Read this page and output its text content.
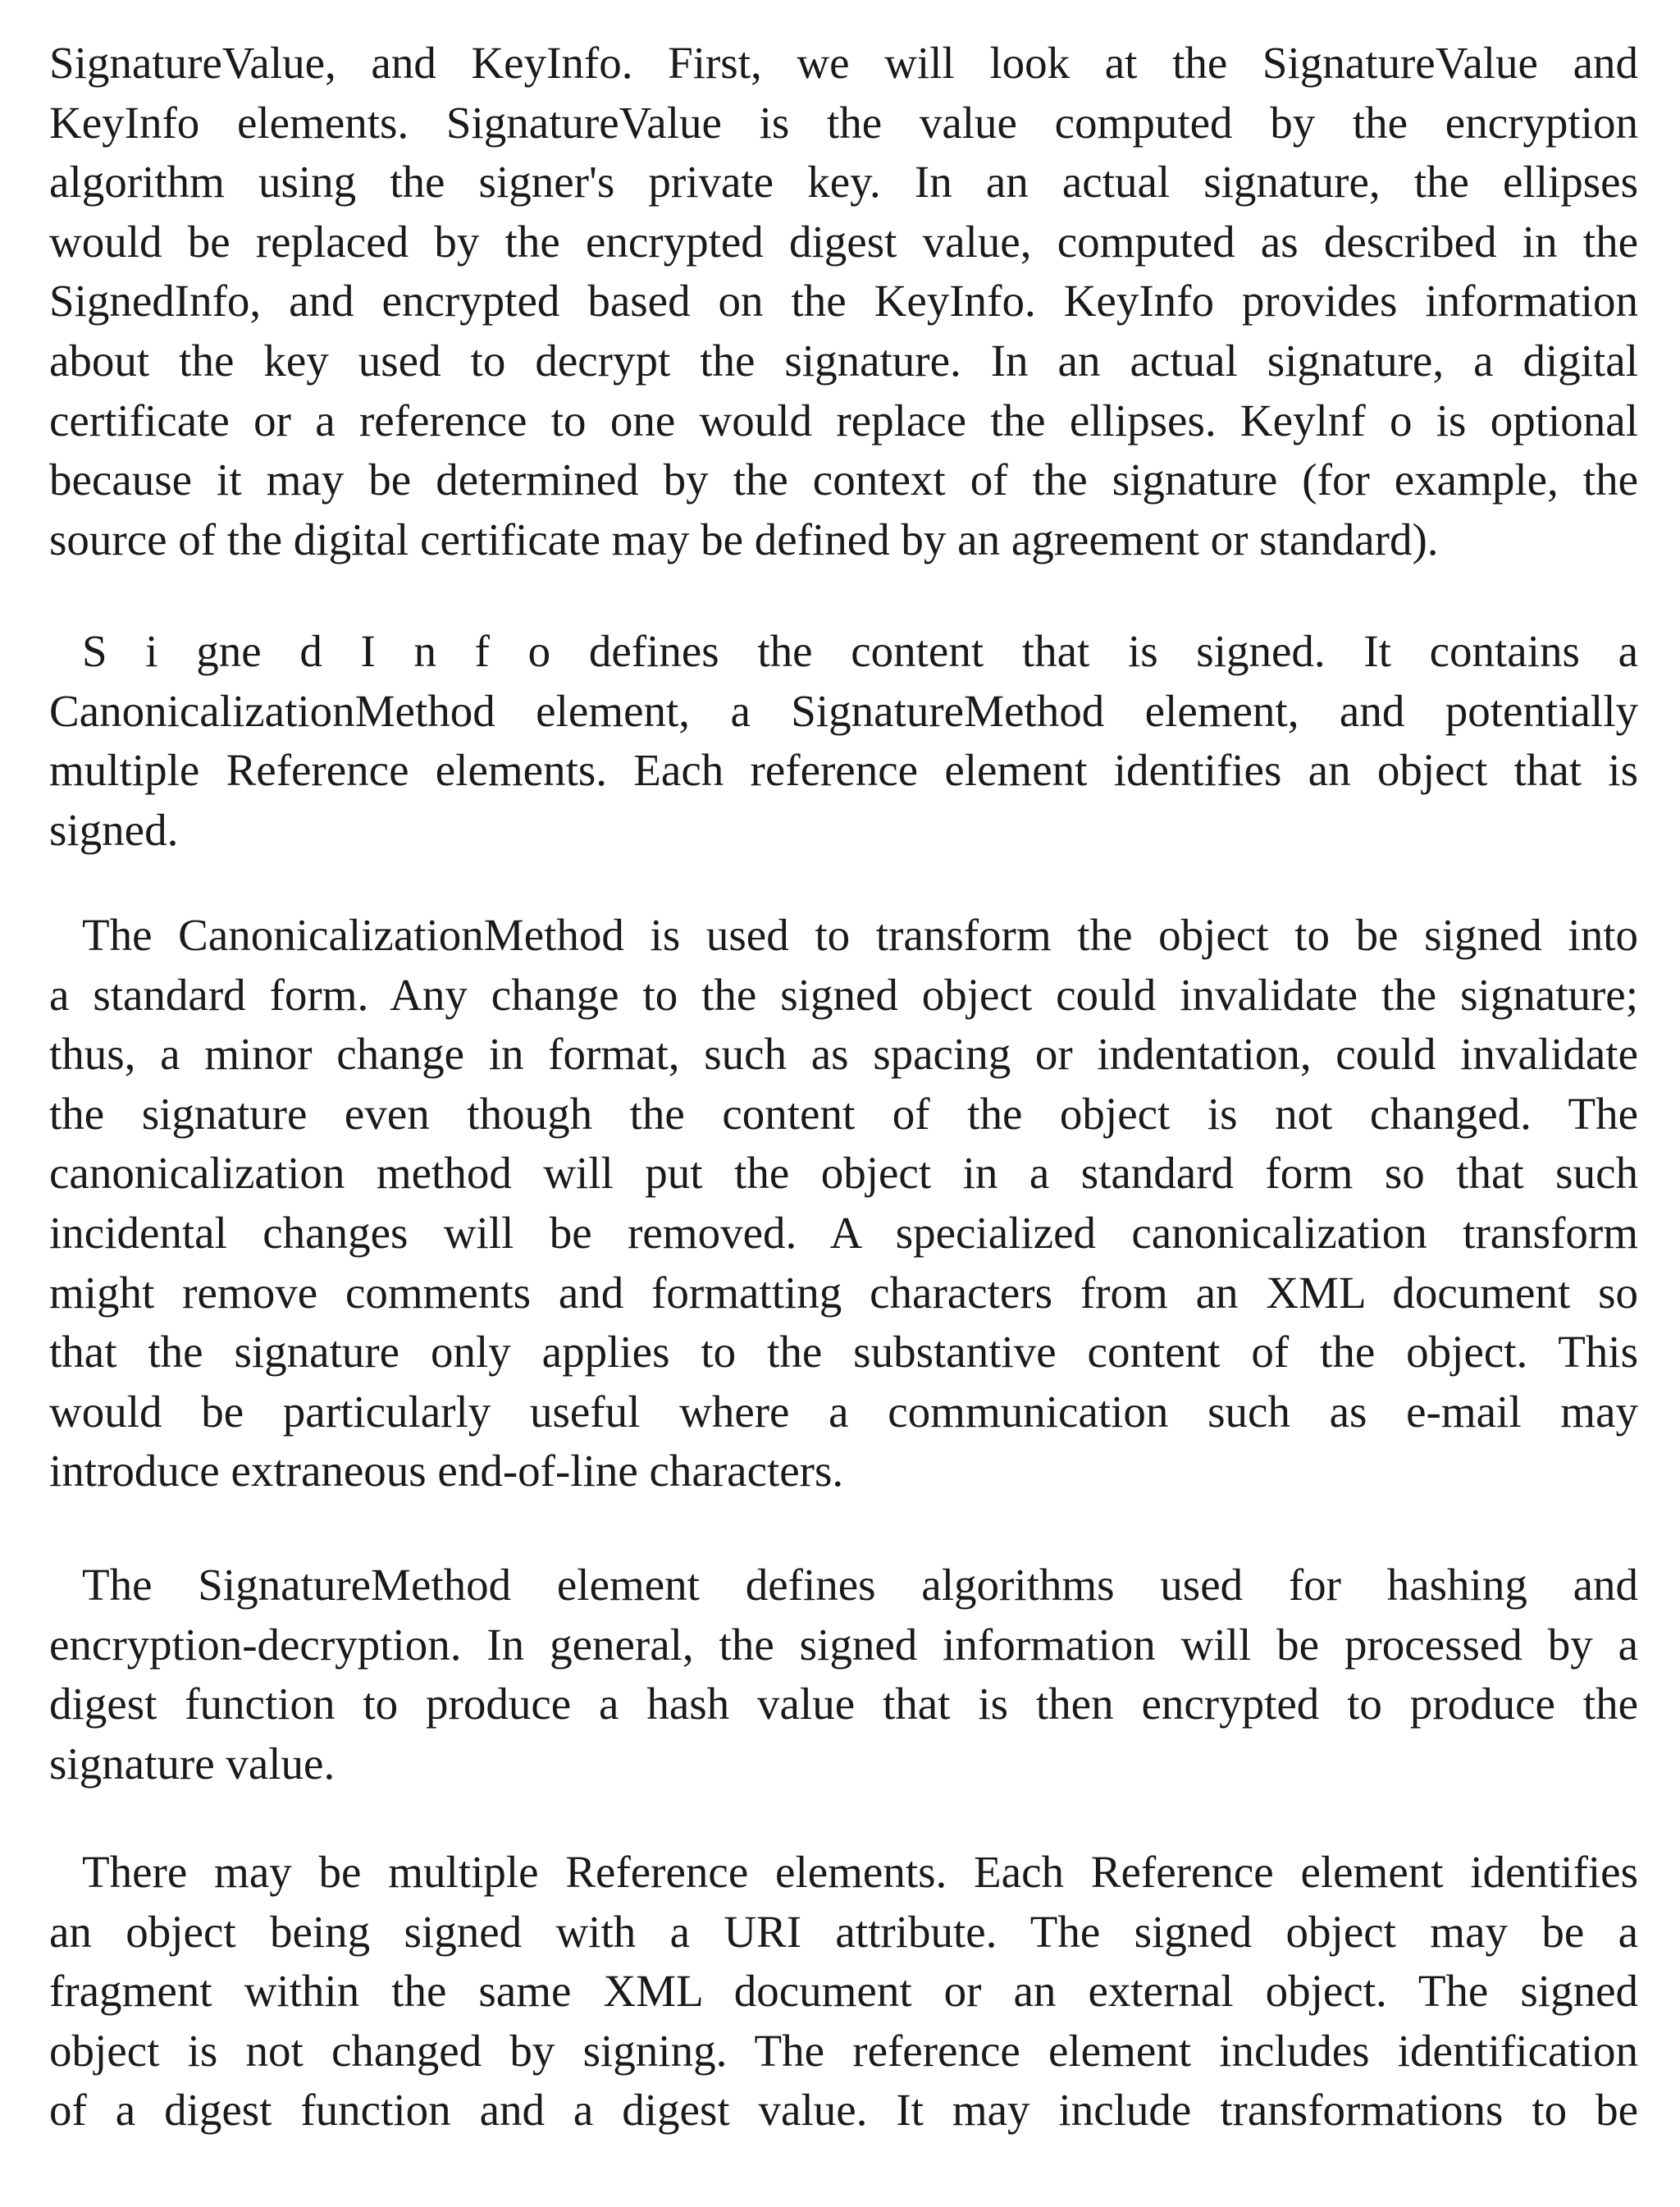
SignatureValue, and KeyInfo. First, we will look at the SignatureValue and
KeyInfo elements. SignatureValue is the value computed by the encryption
algorithm using the signer's private key. In an actual signature, the ellipses
would be replaced by the encrypted digest value, computed as described in the
SignedInfo, and encrypted based on the KeyInfo. KeyInfo provides information
about the key used to decrypt the signature. In an actual signature, a digital
certificate or a reference to one would replace the ellipses. Keylnf o is optional
because it may be determined by the context of the signature (for example, the
source of the digital certificate may be defined by an agreement or standard).
S i gne d I n f o defines the content that is signed. It contains a
CanonicalizationMethod element, a SignatureMethod element, and potentially
multiple Reference elements. Each reference element identifies an object that is
signed.
The CanonicalizationMethod is used to transform the object to be signed into
a standard form. Any change to the signed object could invalidate the signature;
thus, a minor change in format, such as spacing or indentation, could invalidate
the signature even though the content of the object is not changed. The
canonicalization method will put the object in a standard form so that such
incidental changes will be removed. A specialized canonicalization transform
might remove comments and formatting characters from an XML document so
that the signature only applies to the substantive content of the object. This
would be particularly useful where a communication such as e-mail may
introduce extraneous end-of-line characters.
The SignatureMethod element defines algorithms used for hashing and
encryption-decryption. In general, the signed information will be processed by a
digest function to produce a hash value that is then encrypted to produce the
signature value.
There may be multiple Reference elements. Each Reference element identifies
an object being signed with a URI attribute. The signed object may be a
fragment within the same XML document or an external object. The signed
object is not changed by signing. The reference element includes identification
of a digest function and a digest value. It may include transformations to be
